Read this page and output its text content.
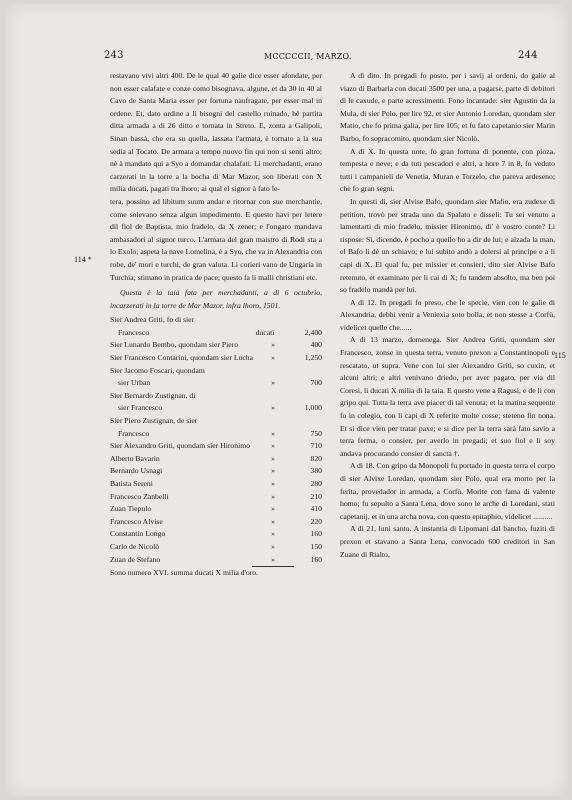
243	MCCCCCII, MARZO.	244
114 *
115

restavano vivi altri 400. De le qual 40 galie dice esser afondate, per non esser calafate e conze como bisognava, algune, et da 30 in 40 al Cavo de Santa Maria esser per fortuna naufragate, per esser mal in ordene. Et, dato ordine a li bisogni del castello ruinado, hè partita ditta armada a di 26 ditto e tornata in Streto. E, zonta a Galipoli, Sinan bassà, che era su quella, lassata l'armata, è tornato a la sua sedia al Tocato. De armata a tempo nuovo fin qui non si senti altro; nè à mandato qui a Syo a domandar chalafati. Li merchadanti, erano carzerati in la torre a la bocha di Mar Mazor, son liberati con X milia ducati, pagati tra lhoro; ai qual el signor à fato le-

tera, possino ad libitum suum andar e ritornar con sue merchantie, come solevano senza algun impedimento. E questo havi per letere dil fiol de Baptista, mio fradelo, da X zener; e l'ongaro mandava ambasadori al signor turco. L'armata del gran maistro di Rodi sta a lo Exolo; aspeta la nave Lomelina, è a Syo, che va in Alexandria con robe, de' mori e turchi, de gran valuta. Li corieri vano de Ungaria in Turchia; stimano in pratica de pace; questo fa li malli christiani etc.

Questa è la taia fata per merchadanti, a dì 6 octubrio, incarzerati in la torre de Mar Mazor, infra lhoro, 1501.

Sier Andrea Griti, fo di sier
Francesco	ducati	2,400
Sier Lunardo Bembo, quondam sier Piero	»	400
Sier Francesco Contarini, quondam sier Lucha	»	1,250
Sier Jacomo Foscari, quondam
sier Urban	»	700
Sier Bernardo Zustignan, di
sier Francesco	»	1,000
Sier Piero Zustignan, de sier
Francesco	»	750
Sier Alexandro Griti, quondam sier Hironimo	»	710
Alberto Bavarin	»	820
Bernardo Usnagi	»	380
Batista Sereni	»	280
Francesco Zanbelli	»	210
Zuan Tiepulo	»	410
Francesco Alvise	»	220
Constantin Longo	»	160
Carlo de Nicolò	»	150
Zuan de Stefano	»	160

Sono numero XVI. summa ducati X milia d'oro.

A dì dito. In pregadi fo posto, per i savij ai ordeni, do galie al viazo di Barbaria con ducati 3500 per una, a pagarse, parte di debitori di le caxude, e parte acressimenti. Fono incantade: sier Agustin da la Mula, di sier Polo, per lire 92, et sier Antonio Loredan, quondam sier Matio, che fo prima galia, per lire 105; et fu fato capetanio sier Marin Barbo, fo sopracomito, quondam sier Nicolò.

A dì X. In questa note, fo gran fortuna di ponente, con pioza, tempesta e neve; e da tuti pescadori e altri, a hore 7 in 8, fo veduto tutti i campanieli de Venetia, Muran e Torzelo, che pareva ardeseno; che fo gran segni.

In questi dì, sier Alvise Bafo, quondam sier Mafio, era zudexe di petition, trovò per strada uno da Spalato e disseli: Tu sei venuto a lamentarti di mio fradelo, missier Hironimo, dì' è vostro conte? Li rispose: Sì, dicendo, è pocho a quello ho a dir de lui; e alzada la man, el Bafo li dè un schiavo; e lui subito andò a dolersi al principe e a li capi di X. El qual fu, per missier et consieri, dito sier Alvise Bafo retenuto, et examinato per li cai di X; fu tandem absolto, ma ben poi so fradelo mandà per lui.

A dì 12. In pregadi fo preso, che le specie, vien con le galie di Alexandria, debbi venir a Veniexia soto bolla, et non stesse a Corfù, videlicet quelle che......

A dì 13 marzo, domenega. Sier Andrea Griti, quondam sier Francesco, zonse in questa terra, venuto prexon a Constantinopoli e rescatato, ut supra. Vene con lui sier Alexandro Griti, so cuxin, et alcuni altri; e altri venivano driedo, per aver pagato, per via dil Coresi, li ducati X milia di la taia. E questo vene a Ragusi, e de li con gripo qui. Tutta la terra ave piacer di tal venuta; et la matina sequente fo in colegio, con li capi di X referite molte cosse; steteno fin nona. Et si dice vien per tratar paxe; e si dice per la terra sarà fato savio a terra ferma, o consier, per averlo in pregadi; et suo fiol e li soy andava procurando consier di sancta †.

A dì 18. Con gripo da Monopoli fu portado in questa terra el corpo di sier Alvixe Loredan, quondam sier Polo, qual era morto per la ferita, provedador in armada, a Corfù. Morite con fama di valente homo; fu sepulto a Santa Lena, dove sono le arche di Loredani, stati capetanij, et in una archa nova, con questo epitaphio, videlicet ..........

A dì 21, luni santo. A instantia di Lipomani dal bancho, fuziti di prexon et stavano a Santa Lena, convocado 600 creditori in San Zuane di Rialto,
